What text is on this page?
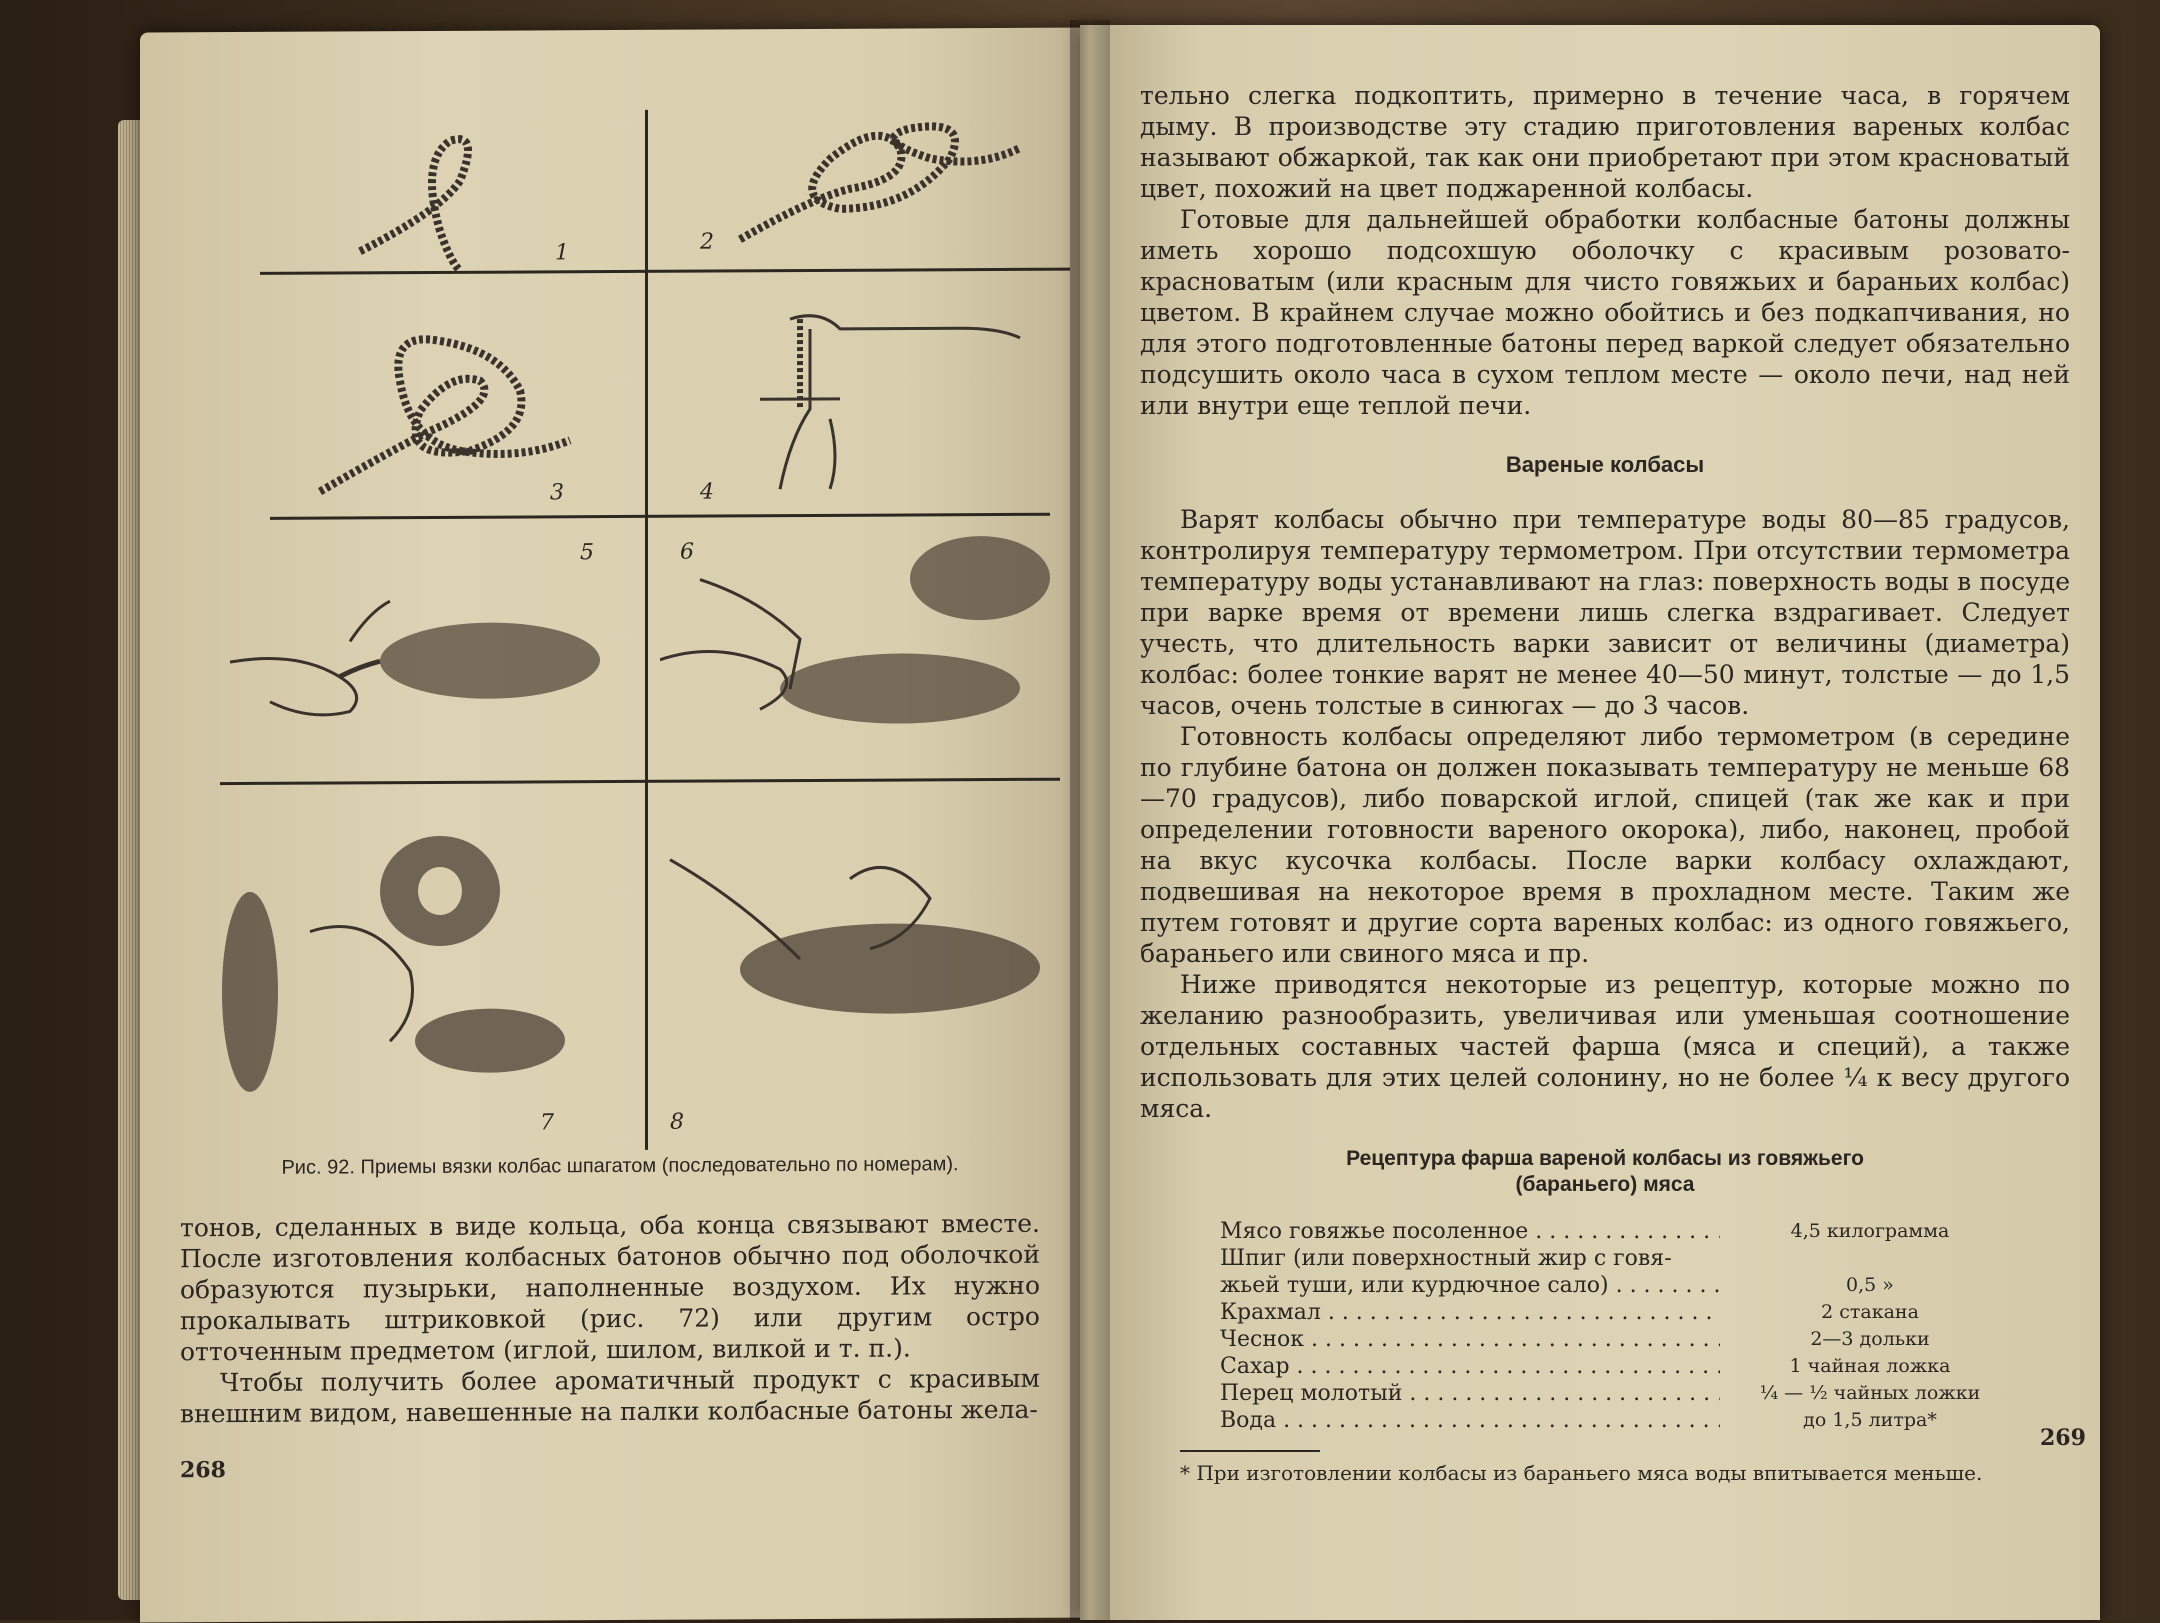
1	2
3	4
5	6
7	8
Рис. 92. Приемы вязки колбас шпагатом (последовательно по номерам).
тонов, сделанных в виде кольца, оба конца связывают вместе. После изготовления колбасных батонов обычно под оболочкой образуются пузырьки, наполненные воздухом. Их нужно прокалывать штриковкой (рис. 72) или другим остро отточенным предметом (иглой, шилом, вилкой и т. п.).
Чтобы получить более ароматичный продукт с красивым внешним видом, навешенные на палки колбасные батоны жела-
268
тельно слегка подкоптить, примерно в течение часа, в горячем дыму. В производстве эту стадию приготовления вареных колбас называют обжаркой, так как они приобретают при этом красноватый цвет, похожий на цвет поджаренной колбасы.
Готовые для дальнейшей обработки колбасные батоны должны иметь хорошо подсохшую оболочку с красивым розовато-красноватым (или красным для чисто говяжьих и бараньих колбас) цветом. В крайнем случае можно обойтись и без подкапчивания, но для этого подготовленные батоны перед варкой следует обязательно подсушить около часа в сухом теплом месте — около печи, над ней или внутри еще теплой печи.
Вареные колбасы
Варят колбасы обычно при температуре воды 80—85 градусов, контролируя температуру термометром. При отсутствии термометра температуру воды устанавливают на глаз: поверхность воды в посуде при варке время от времени лишь слегка вздрагивает. Следует учесть, что длительность варки зависит от величины (диаметра) колбас: более тонкие варят не менее 40—50 минут, толстые — до 1,5 часов, очень толстые в синюгах — до 3 часов.
Готовность колбасы определяют либо термометром (в середине по глубине батона он должен показывать температуру не меньше 68—70 градусов), либо поварской иглой, спицей (так же как и при определении готовности вареного окорока), либо, наконец, пробой на вкус кусочка колбасы. После варки колбасу охлаждают, подвешивая на некоторое время в прохладном месте. Таким же путем готовят и другие сорта вареных колбас: из одного говяжьего, бараньего или свиного мяса и пр.
Ниже приводятся некоторые из рецептур, которые можно по желанию разнообразить, увеличивая или уменьшая соотношение отдельных составных частей фарша (мяса и специй), а также использовать для этих целей солонину, но не более ¼ к весу другого мяса.
Рецептура фарша вареной колбасы из говяжьего
(бараньего) мяса
Мясо говяжье посоленное . . .	4,5 килограмма
Шпиг (или поверхностный жир с говя-
жьей туши, или курдючное сало) . . .	0,5 »
Крахмал . . .	2 стакана
Чеснок . . .	2—3 дольки
Сахар . . .	1 чайная ложка
Перец молотый . . .	¼ — ½ чайных ложки
Вода . . .	до 1,5 литра*
* При изготовлении колбасы из бараньего мяса воды впитывается меньше.
269
